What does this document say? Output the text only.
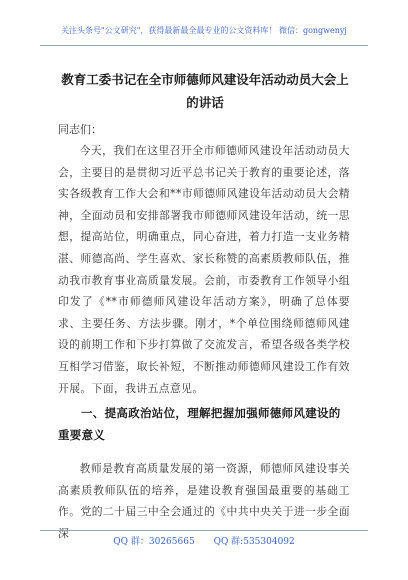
关注头条号"公文研究"，获得最新最全最专业的公文资料库！ 微信：gongwenyj
教育工委书记在全市师德师风建设年活动动员大会上的讲话
同志们：

今天，我们在这里召开全市师德师风建设年活动动员大会，主要目的是贯彻习近平总书记关于教育的重要论述，落实各级教育工作大会和**市师德师风建设年活动动员大会精神，全面动员和安排部署我市师德师风建设年活动，统一思想，提高站位，明确重点，同心奋进，着力打造一支业务精湛、师德高尚、学生喜欢、家长称赞的高素质教师队伍，推动我市教育事业高质量发展。会前，市委教育工作领导小组印发了《**市师德师风建设年活动方案》，明确了总体要求、主要任务、方法步骤。刚才，*个单位围绕师德师风建设的前期工作和下步打算做了交流发言，希望各级各类学校互相学习借鉴，取长补短，不断推动师德师风建设工作有效开展。下面，我讲五点意见。

一、提高政治站位，理解把握加强师德师风建设的重要意义

教师是教育高质量发展的第一资源，师德师风建设事关高素质教师队伍的培养，是建设教育强国最重要的基础工作。党的二十届三中全会通过的《中共中央关于进一步全面深

QQ 群：30265665 QQ 群:535304092
